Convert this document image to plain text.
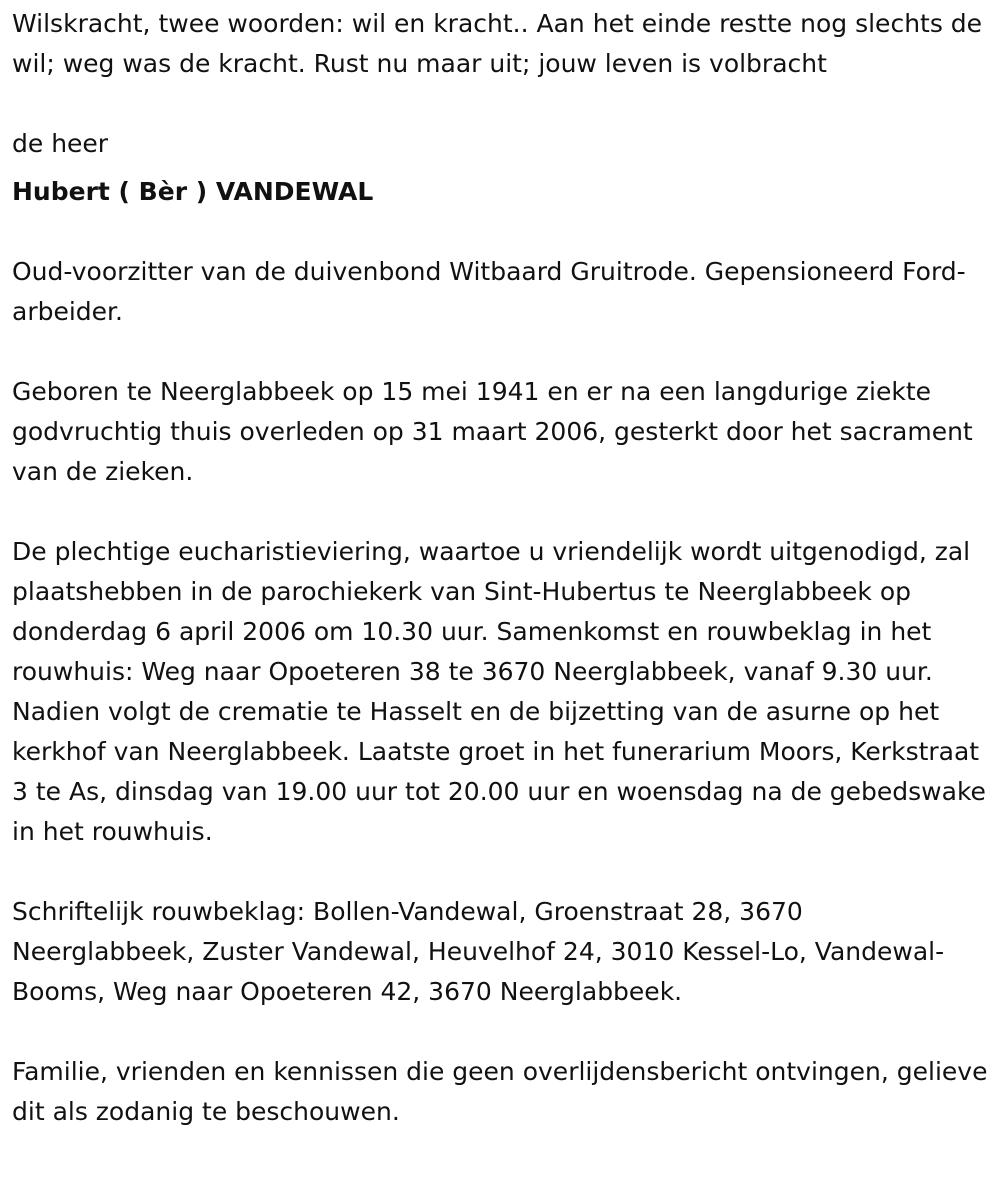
Wilskracht, twee woorden: wil en kracht.. Aan het einde restte nog slechts de wil; weg was de kracht. Rust nu maar uit; jouw leven is volbracht

de heer

Hubert ( Bèr ) VANDEWAL

Oud-voorzitter van de duivenbond Witbaard Gruitrode. Gepensioneerd Ford-arbeider.

Geboren te Neerglabbeek op 15 mei 1941 en er na een langdurige ziekte godvruchtig thuis overleden op 31 maart 2006, gesterkt door het sacrament van de zieken.

De plechtige eucharistieviering, waartoe u vriendelijk wordt uitgenodigd, zal plaatshebben in de parochiekerk van Sint-Hubertus te Neerglabbeek op donderdag 6 april 2006 om 10.30 uur. Samenkomst en rouwbeklag in het rouwhuis: Weg naar Opoeteren 38 te 3670 Neerglabbeek, vanaf 9.30 uur. Nadien volgt de crematie te Hasselt en de bijzetting van de asurne op het kerkhof van Neerglabbeek. Laatste groet in het funerarium Moors, Kerkstraat 3 te As, dinsdag van 19.00 uur tot 20.00 uur en woensdag na de gebedswake in het rouwhuis.

Schriftelijk rouwbeklag: Bollen-Vandewal, Groenstraat 28, 3670 Neerglabbeek, Zuster Vandewal, Heuvelhof 24, 3010 Kessel-Lo, Vandewal-Booms, Weg naar Opoeteren 42, 3670 Neerglabbeek.

Familie, vrienden en kennissen die geen overlijdensbericht ontvingen, gelieve dit als zodanig te beschouwen.
